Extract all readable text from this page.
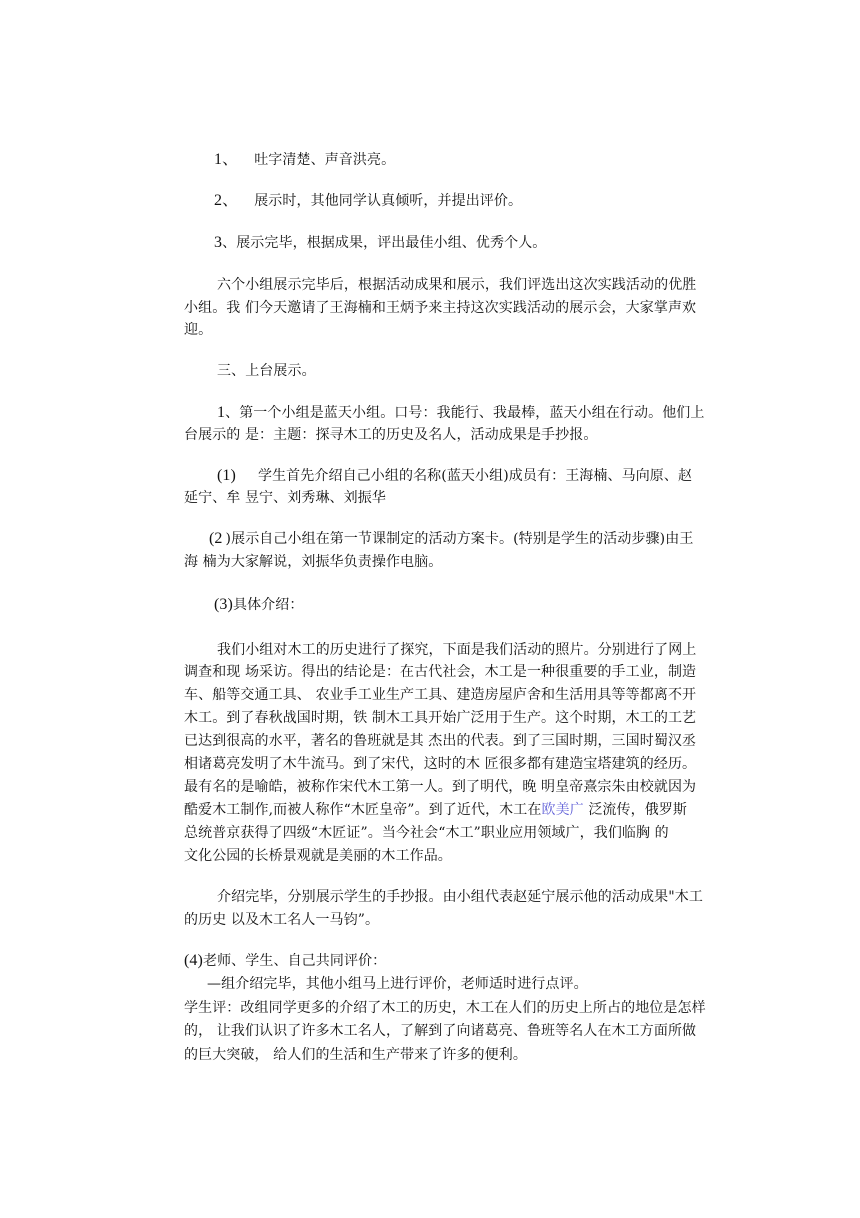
1、 吐字清楚、声音洪亮。
2、 展示时，其他同学认真倾听，并提出评价。
3、展示完毕，根据成果，评出最佳小组、优秀个人。
六个小组展示完毕后，根据活动成果和展示，我们评选出这次实践活动的优胜
小组。我 们今天邀请了王海楠和王炳予来主持这次实践活动的展示会，大家掌声欢
迎。
三、上台展示。
1、第一个小组是蓝天小组。口号：我能行、我最棒，蓝天小组在行动。他们上
台展示的 是：主题：探寻木工的历史及名人，活动成果是手抄报。
(1) 学生首先介绍自己小组的名称(蓝天小组)成员有：王海楠、马向原、赵
延宁、牟 昱宁、刘秀琳、刘振华
(2 )展示自己小组在第一节课制定的活动方案卡。(特别是学生的活动步骤)由王
海 楠为大家解说，刘振华负责操作电脑。
(3)具体介绍：
我们小组对木工的历史进行了探究，下面是我们活动的照片。分别进行了网上
调查和现 场采访。得出的结论是：在古代社会，木工是一种很重要的手工业，制造
车、船等交通工具、 农业手工业生产工具、建造房屋庐舍和生活用具等等都离不开
木工。到了春秋战国时期，铁 制木工具开始广泛用于生产。这个时期，木工的工艺
已达到很高的水平，著名的鲁班就是其 杰出的代表。到了三国时期，三国时蜀汉丞
相诸葛亮发明了木牛流马。到了宋代，这时的木 匠很多都有建造宝塔建筑的经历。
最有名的是喻皓，被称作宋代木工第一人。到了明代，晚 明皇帝熹宗朱由校就因为
酷爱木工制作,而被人称作“木匠皇帝”。到了近代，木工在欧美广 泛流传，俄罗斯
总统普京获得了四级“木匠证”。当今社会“木工”职业应用领域广，我们临胸 的
文化公园的长桥景观就是美丽的木工作品。
介绍完毕，分别展示学生的手抄报。由小组代表赵延宁展示他的活动成果"木工
的历史 以及木工名人一马钧”。
(4)老师、学生、自己共同评价：
—组介绍完毕，其他小组马上进行评价，老师适时进行点评。
学生评：改组同学更多的介绍了木工的历史，木工在人们的历史上所占的地位是怎样
的， 让我们认识了许多木工名人，了解到了向诸葛亮、鲁班等名人在木工方面所做
的巨大突破， 给人们的生活和生产带来了许多的便利。
